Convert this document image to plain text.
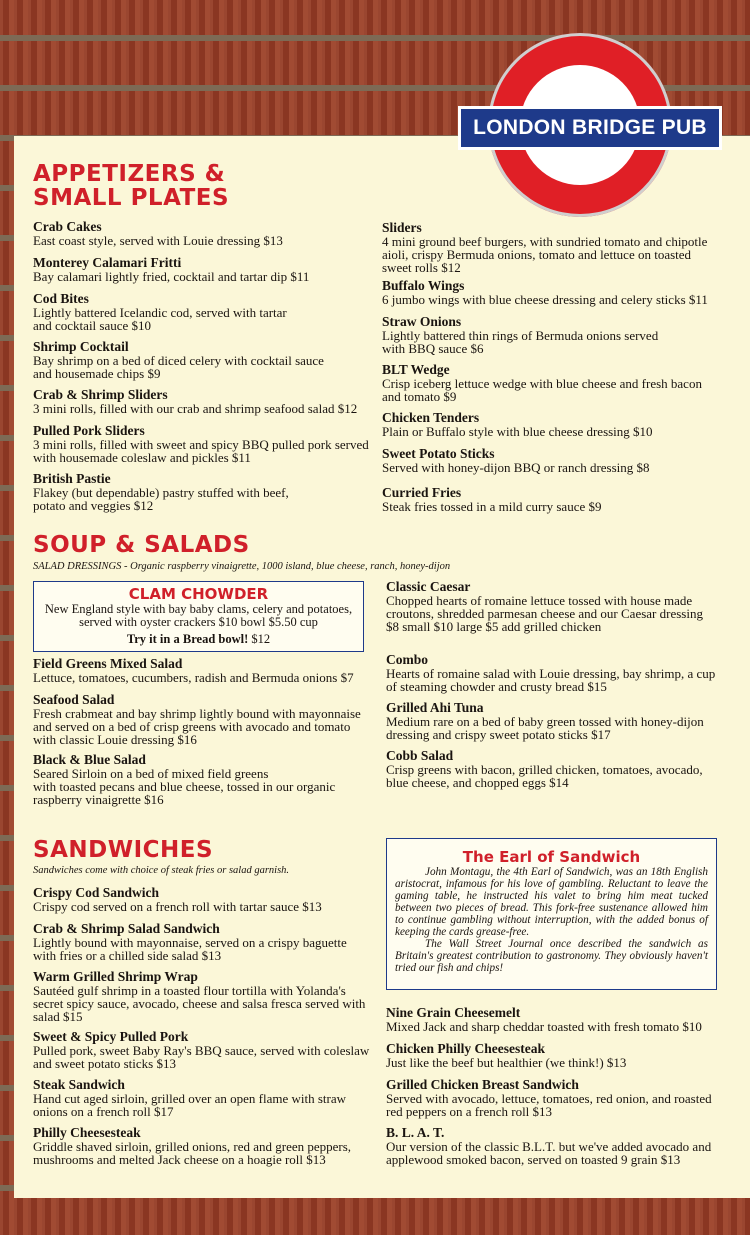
LONDON BRIDGE PUB
APPETIZERS &
SMALL PLATES
Crab Cakes
East coast style, served with Louie dressing $13
Monterey Calamari Fritti
Bay calamari lightly fried, cocktail and tartar dip $11
Cod Bites
Lightly battered Icelandic cod, served with tartar
and cocktail sauce $10
Shrimp Cocktail
Bay shrimp on a bed of diced celery with cocktail sauce
and housemade chips $9
Crab & Shrimp Sliders
3 mini rolls, filled with our crab and shrimp seafood salad $12
Pulled Pork Sliders
3 mini rolls, filled with sweet and spicy BBQ pulled pork served
with housemade coleslaw and pickles $11
British Pastie
Flakey (but dependable) pastry stuffed with beef,
potato and veggies $12
Sliders
4 mini ground beef burgers, with sundried tomato and chipotle
aioli, crispy Bermuda onions, tomato and lettuce on toasted
sweet rolls $12
Buffalo Wings
6 jumbo wings with blue cheese dressing and celery sticks $11
Straw Onions
Lightly battered thin rings of Bermuda onions served
with BBQ sauce $6
BLT Wedge
Crisp iceberg lettuce wedge with blue cheese and fresh bacon
and tomato $9
Chicken Tenders
Plain or Buffalo style with blue cheese dressing $10
Sweet Potato Sticks
Served with honey-dijon BBQ or ranch dressing $8
Curried Fries
Steak fries tossed in a mild curry sauce $9
SOUP & SALADS
SALAD DRESSINGS - Organic raspberry vinaigrette, 1000 island, blue cheese, ranch, honey-dijon
CLAM CHOWDER
New England style with bay baby clams, celery and potatoes,
served with oyster crackers $10 bowl $5.50 cup
Try it in a Bread bowl! $12
Field Greens Mixed Salad
Lettuce, tomatoes, cucumbers, radish and Bermuda onions $7
Seafood Salad
Fresh crabmeat and bay shrimp lightly bound with mayonnaise
and served on a bed of crisp greens with avocado and tomato
with classic Louie dressing $16
Black & Blue Salad
Seared Sirloin on a bed of mixed field greens
with toasted pecans and blue cheese, tossed in our organic
raspberry vinaigrette $16
Classic Caesar
Chopped hearts of romaine lettuce tossed with house made
croutons, shredded parmesan cheese and our Caesar dressing
$8 small $10 large $5 add grilled chicken
Combo
Hearts of romaine salad with Louie dressing, bay shrimp, a cup
of steaming chowder and crusty bread $15
Grilled Ahi Tuna
Medium rare on a bed of baby green tossed with honey-dijon
dressing and crispy sweet potato sticks $17
Cobb Salad
Crisp greens with bacon, grilled chicken, tomatoes, avocado,
blue cheese, and chopped eggs $14
SANDWICHES
Sandwiches come with choice of steak fries or salad garnish.
Crispy Cod Sandwich
Crispy cod served on a french roll with tartar sauce $13
Crab & Shrimp Salad Sandwich
Lightly bound with mayonnaise, served on a crispy baguette
with fries or a chilled side salad $13
Warm Grilled Shrimp Wrap
Sautéed gulf shrimp in a toasted flour tortilla with Yolanda's
secret spicy sauce, avocado, cheese and salsa fresca served with
salad $15
Sweet & Spicy Pulled Pork
Pulled pork, sweet Baby Ray's BBQ sauce, served with coleslaw
and sweet potato sticks $13
Steak Sandwich
Hand cut aged sirloin, grilled over an open flame with straw
onions on a french roll $17
Philly Cheesesteak
Griddle shaved sirloin, grilled onions, red and green peppers,
mushrooms and melted Jack cheese on a hoagie roll $13
The Earl of Sandwich
John Montagu, the 4th Earl of Sandwich, was an 18th English aristocrat, infamous for his love of gambling. Reluctant to leave the gaming table, he instructed his valet to bring him meat tucked between two pieces of bread. This fork-free sustenance allowed him to continue gambling without interruption, with the added bonus of keeping the cards grease-free.
The Wall Street Journal once described the sandwich as Britain's greatest contribution to gastronomy. They obviously haven't tried our fish and chips!
Nine Grain Cheesemelt
Mixed Jack and sharp cheddar toasted with fresh tomato $10
Chicken Philly Cheesesteak
Just like the beef but healthier (we think!) $13
Grilled Chicken Breast Sandwich
Served with avocado, lettuce, tomatoes, red onion, and roasted
red peppers on a french roll $13
B. L. A. T.
Our version of the classic B.L.T. but we've added avocado and
applewood smoked bacon, served on toasted 9 grain $13
